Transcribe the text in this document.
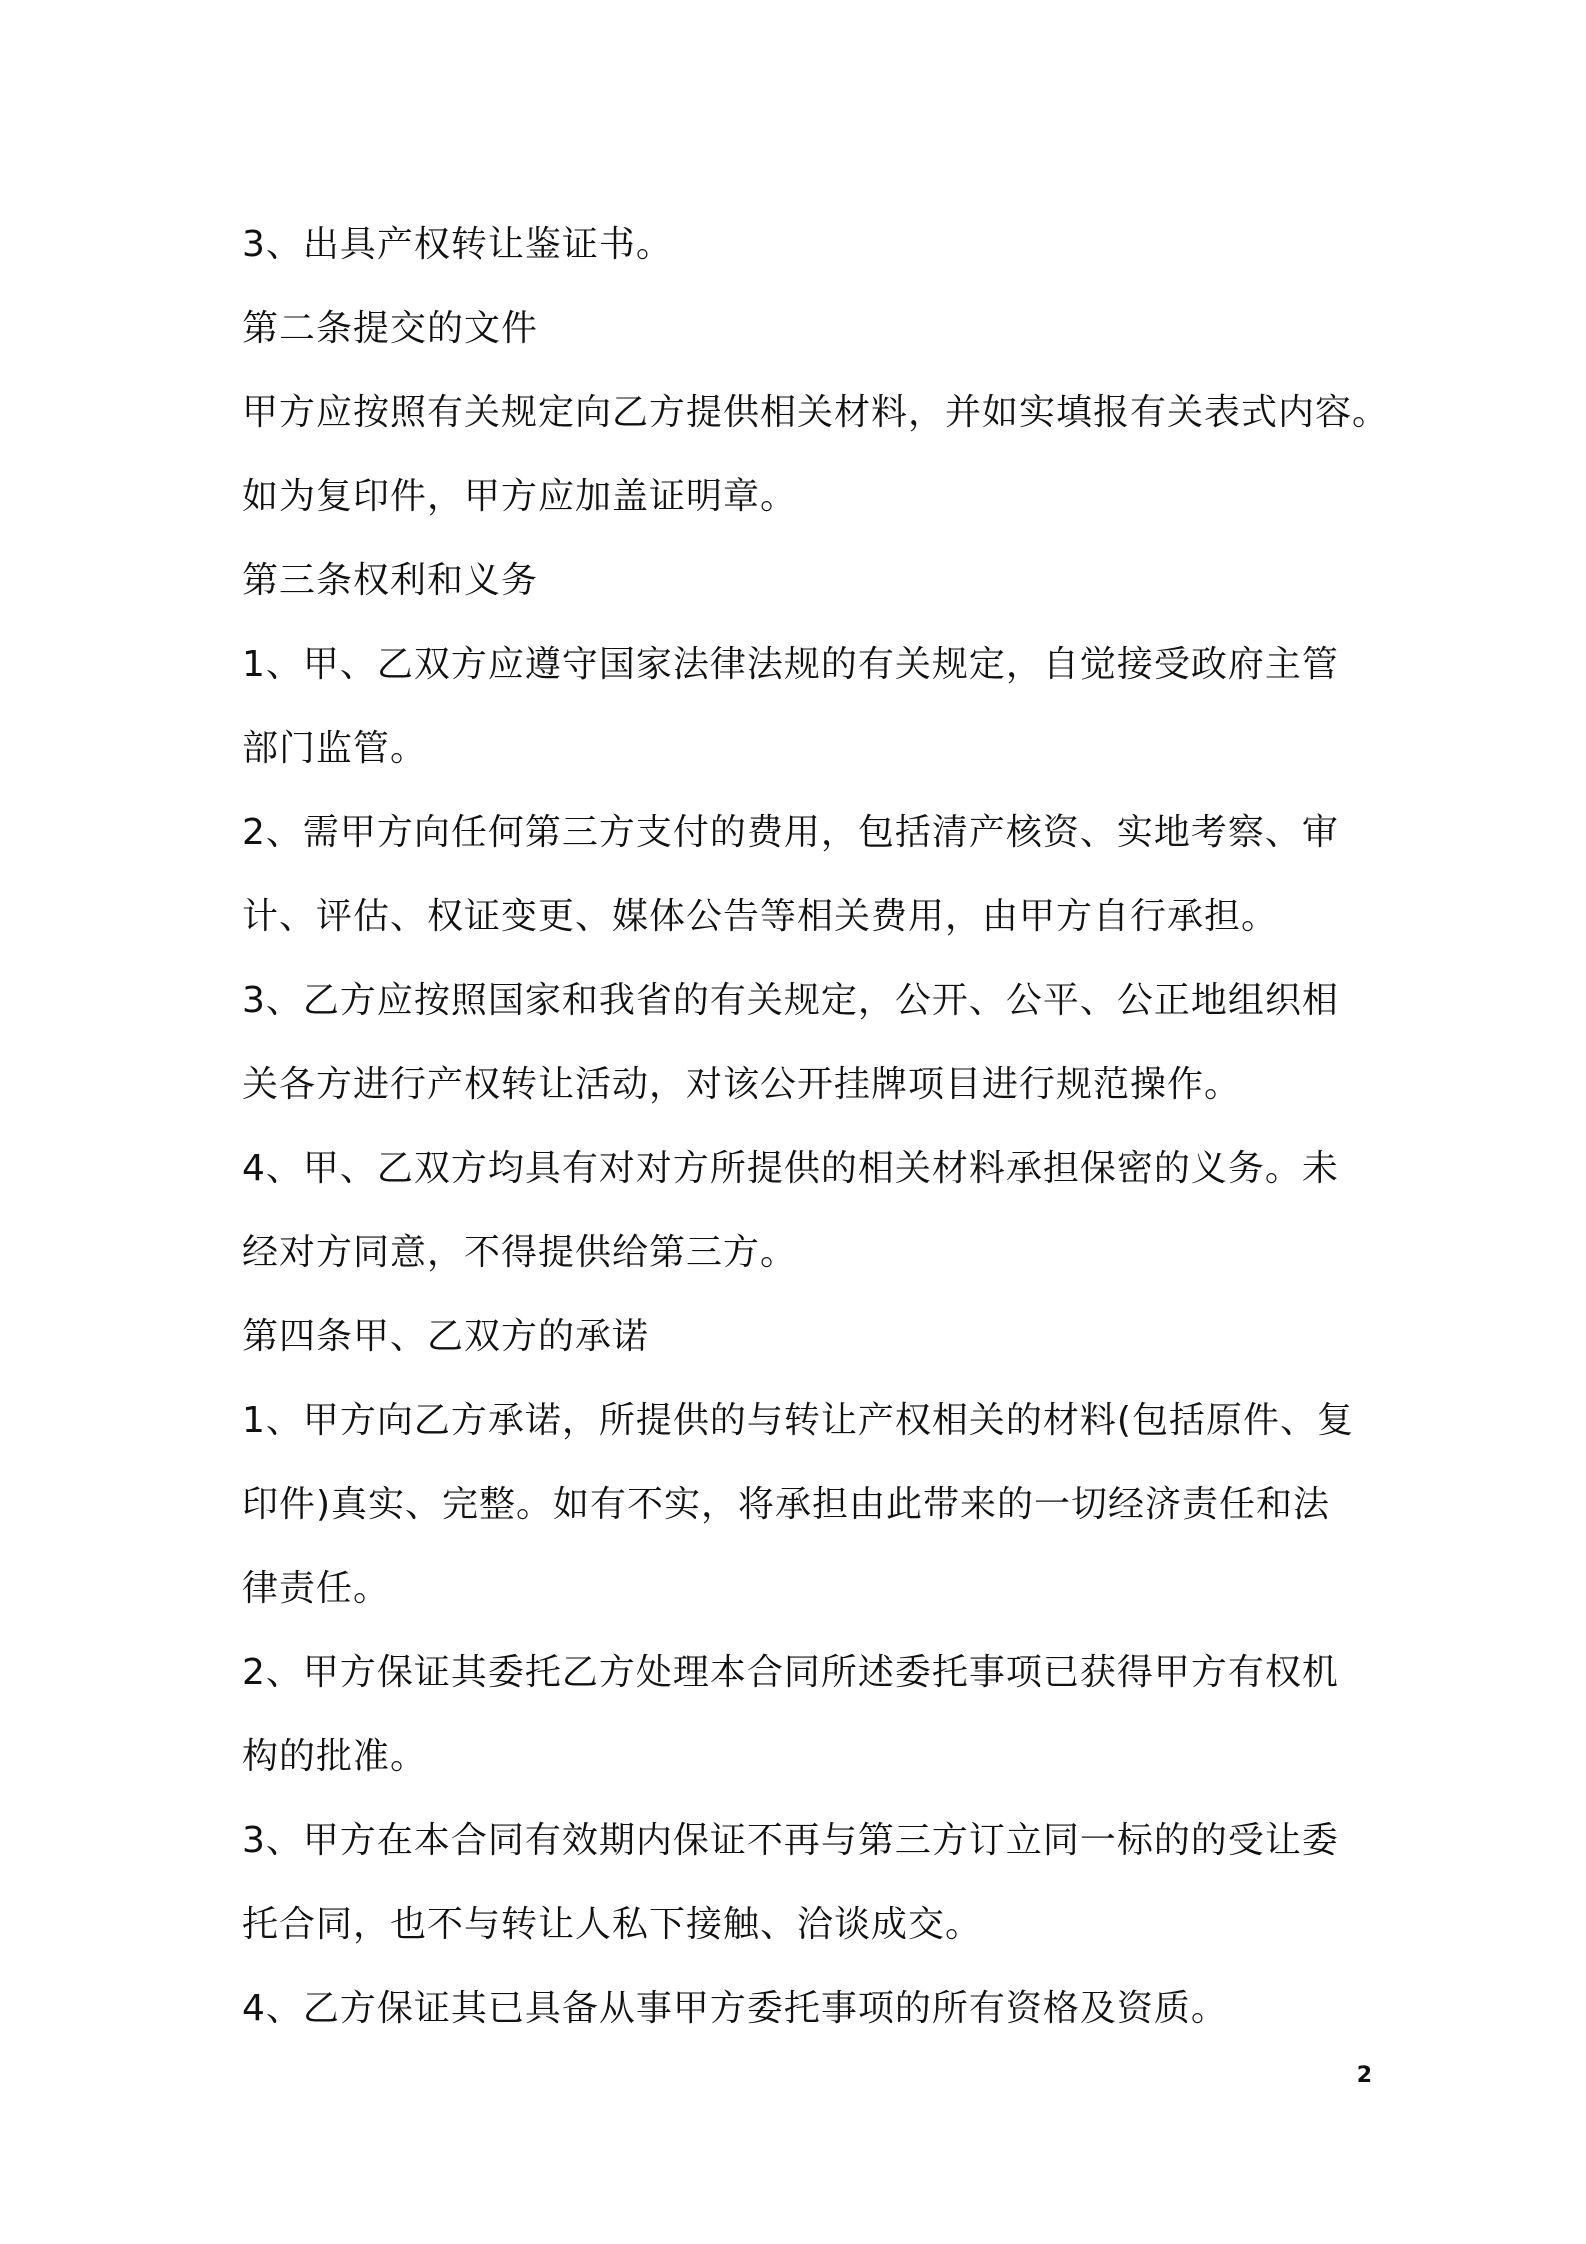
3、出具产权转让鉴证书。
第二条提交的文件
甲方应按照有关规定向乙方提供相关材料，并如实填报有关表式内容。
如为复印件，甲方应加盖证明章。
第三条权利和义务
1、甲、乙双方应遵守国家法律法规的有关规定，自觉接受政府主管
部门监管。
2、需甲方向任何第三方支付的费用，包括清产核资、实地考察、审
计、评估、权证变更、媒体公告等相关费用，由甲方自行承担。
3、乙方应按照国家和我省的有关规定，公开、公平、公正地组织相
关各方进行产权转让活动，对该公开挂牌项目进行规范操作。
4、甲、乙双方均具有对对方所提供的相关材料承担保密的义务。未
经对方同意，不得提供给第三方。
第四条甲、乙双方的承诺
1、甲方向乙方承诺，所提供的与转让产权相关的材料(包括原件、复
印件)真实、完整。如有不实，将承担由此带来的一切经济责任和法
律责任。
2、甲方保证其委托乙方处理本合同所述委托事项已获得甲方有权机
构的批准。
3、甲方在本合同有效期内保证不再与第三方订立同一标的的受让委
托合同，也不与转让人私下接触、洽谈成交。
4、乙方保证其已具备从事甲方委托事项的所有资格及资质。
2
